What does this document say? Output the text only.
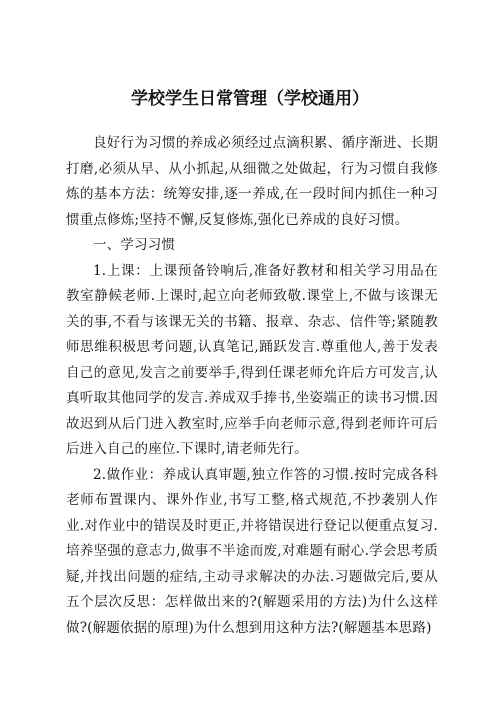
学校学生日常管理（学校通用）

良好行为习惯的养成必须经过点滴积累、循序渐进、长期打磨,必须从早、从小抓起,从细微之处做起，行为习惯自我修炼的基本方法：统筹安排,逐一养成,在一段时间内抓住一种习惯重点修炼;坚持不懈,反复修炼,强化已养成的良好习惯。

一、学习习惯

1.上课：上课预备铃响后,准备好教材和相关学习用品在教室静候老师.上课时,起立向老师致敬.课堂上,不做与该课无关的事,不看与该课无关的书籍、报章、杂志、信件等;紧随教师思维积极思考问题,认真笔记,踊跃发言.尊重他人,善于发表自己的意见,发言之前要举手,得到任课老师允许后方可发言,认真听取其他同学的发言.养成双手捧书,坐姿端正的读书习惯.因故迟到从后门进入教室时,应举手向老师示意,得到老师许可后后进入自己的座位.下课时,请老师先行。

2.做作业：养成认真审题,独立作答的习惯.按时完成各科老师布置课内、课外作业,书写工整,格式规范,不抄袭别人作业.对作业中的错误及时更正,并将错误进行登记以便重点复习.培养坚强的意志力,做事不半途而废,对难题有耐心.学会思考质疑,并找出问题的症结,主动寻求解决的办法.习题做完后,要从五个层次反思：怎样做出来的?(解题采用的方法)为什么这样做?(解题依据的原理)为什么想到用这种方法?(解题基本思路)
